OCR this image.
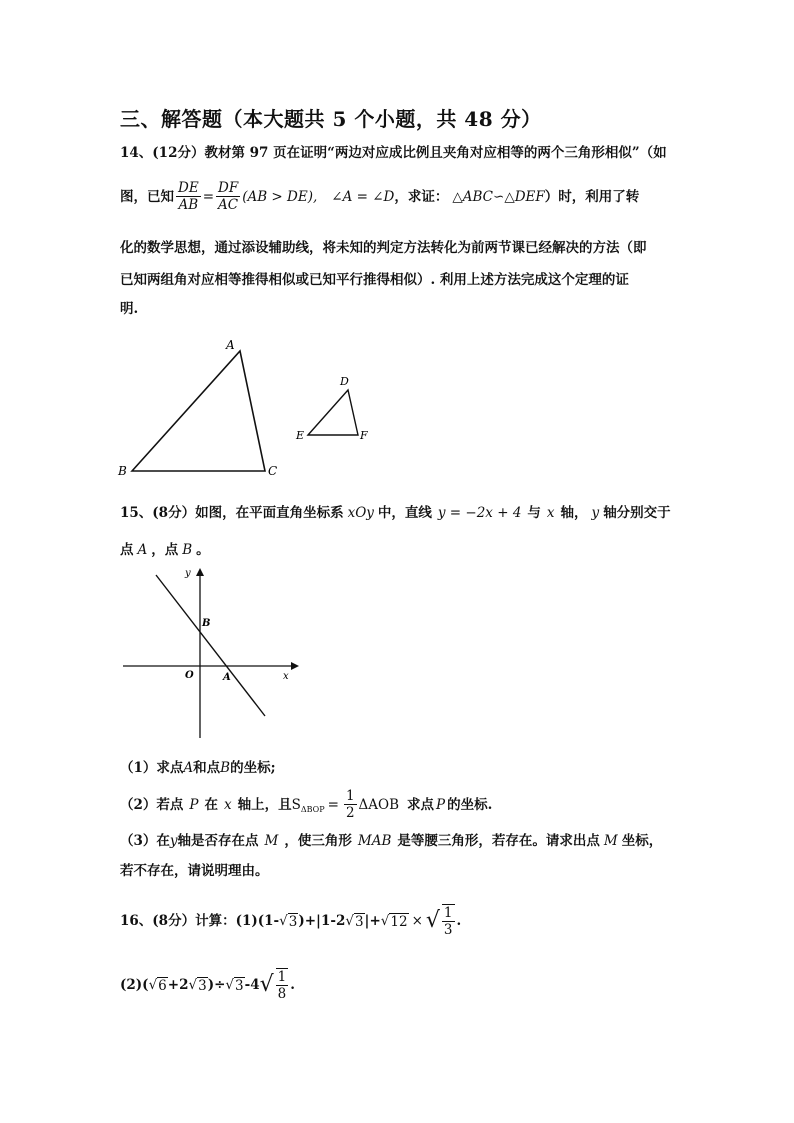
三、解答题（本大题共 5 个小题，共 48 分）
14、(12分）教材第 97 页在证明“两边对应成比例且夹角对应相等的两个三角形相似”（如
图，已知 $\frac{DE}{AB} = \frac{DF}{AC} (AB > DE)$, ∠A = ∠D ，求证： △ABC∽△DEF ）时，利用了转
化的数学思想，通过添设辅助线，将未知的判定方法转化为前两节课已经解决的方法（即
已知两组角对应相等推得相似或已知平行推得相似）. 利用上述方法完成这个定理的证
明.
A
B	C
D
E	F
15、(8分）如图，在平面直角坐标系 xOy 中，直线 y = −2x + 4 与 x 轴， y 轴分别交于
点 A ，点 B 。
y
x
O	A
B
（1）求点 A 和点 B 的坐标;
（2）若点 P 在 x 轴上，且 S $\Delta BOP = \frac{1}{2}$ ΔAOB 求点 P 的坐标.
（3）在 y 轴是否存在点 M ，使三角形 MAB 是等腰三角形，若存在。请求出点 M 坐标，
若不存在，请说明理由。
16、(8分）计算： (1)(1- √ 3 )+|1-2 √ 3 |+ √ 12 × √ $\frac{1}{3}$ .
(2)( √ 6 +2 √ 3 )÷ √ 3 -4 √ $\frac{1}{8}$ .
